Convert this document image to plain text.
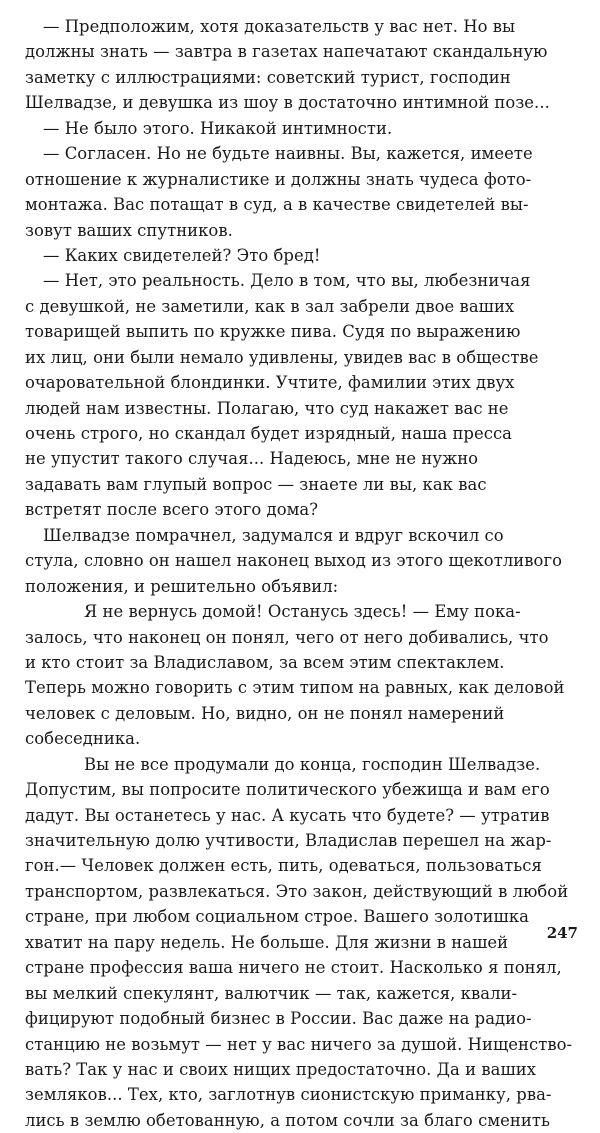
— Предположим, хотя доказательств у вас нет. Но вы
должны знать — завтра в газетах напечатают скандальную
заметку с иллюстрациями: советский турист, господин
Шелвадзе, и девушка из шоу в достаточно интимной позе...
— Не было этого. Никакой интимности.
— Согласен. Но не будьте наивны. Вы, кажется, имеете
отношение к журналистике и должны знать чудеса фото-
монтажа. Вас потащат в суд, а в качестве свидетелей вы-
зовут ваших спутников.
— Каких свидетелей? Это бред!
— Нет, это реальность. Дело в том, что вы, любезничая
с девушкой, не заметили, как в зал забрели двое ваших
товарищей выпить по кружке пива. Судя по выражению
их лиц, они были немало удивлены, увидев вас в обществе
очаровательной блондинки. Учтите, фамилии этих двух
людей нам известны. Полагаю, что суд накажет вас не
очень строго, но скандал будет изрядный, наша пресса
не упустит такого случая... Надеюсь, мне не нужно
задавать вам глупый вопрос — знаете ли вы, как вас
встретят после всего этого дома?
Шелвадзе помрачнел, задумался и вдруг вскочил со
стула, словно он нашел наконец выход из этого щекотливого
положения, и решительно объявил:
Я не вернусь домой! Останусь здесь! — Ему пока-
залось, что наконец он понял, чего от него добивались, что
и кто стоит за Владиславом, за всем этим спектаклем.
Теперь можно говорить с этим типом на равных, как деловой
человек с деловым. Но, видно, он не понял намерений
собеседника.
Вы не все продумали до конца, господин Шелвадзе.
Допустим, вы попросите политического убежища и вам его
дадут. Вы останетесь у нас. А кусать что будете? — утратив
значительную долю учтивости, Владислав перешел на жар-
гон.— Человек должен есть, пить, одеваться, пользоваться
транспортом, развлекаться. Это закон, действующий в любой
стране, при любом социальном строе. Вашего золотишка
хватит на пару недель. Не больше. Для жизни в нашей
стране профессия ваша ничего не стоит. Насколько я понял,
вы мелкий спекулянт, валютчик — так, кажется, квали-
фицируют подобный бизнес в России. Вас даже на радио-
станцию не возьмут — нет у вас ничего за душой. Нищенство-
вать? Так у нас и своих нищих предостаточно. Да и ваших
земляков... Тех, кто, заглотнув сионистскую приманку, рва-
лись в землю обетованную, а потом сочли за благо сменить
247
